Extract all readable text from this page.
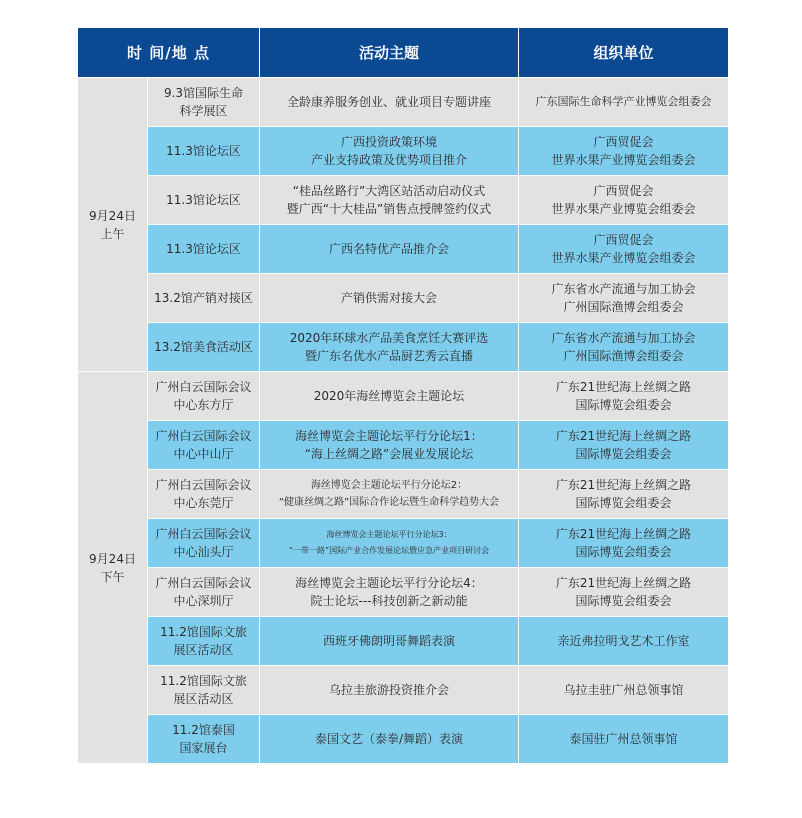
时 间/地 点		活动主题	组织单位

9月24日
上午	9.3馆国际生命
科学展区	全龄康养服务创业、就业项目专题讲座	广东国际生命科学产业博览会组委会

	11.3馆论坛区	广西投资政策环境
产业支持政策及优势项目推介	广西贸促会
世界水果产业博览会组委会

	11.3馆论坛区	“桂品丝路行”大湾区站活动启动仪式
暨广西“十大桂品”销售点授牌签约仪式	广西贸促会
世界水果产业博览会组委会

	11.3馆论坛区	广西名特优产品推介会	广西贸促会
世界水果产业博览会组委会

	13.2馆产销对接区	产销供需对接大会	广东省水产流通与加工协会
广州国际渔博会组委会

	13.2馆美食活动区	2020年环球水产品美食烹饪大赛评选
暨广东名优水产品厨艺秀云直播	广东省水产流通与加工协会
广州国际渔博会组委会

9月24日
下午	广州白云国际会议
中心东方厅	2020年海丝博览会主题论坛	广东21世纪海上丝绸之路
国际博览会组委会

	广州白云国际会议
中心中山厅	海丝博览会主题论坛平行分论坛1：
“海上丝绸之路”会展业发展论坛	广东21世纪海上丝绸之路
国际博览会组委会

	广州白云国际会议
中心东莞厅	海丝博览会主题论坛平行分论坛2：
“健康丝绸之路”国际合作论坛暨生命科学趋势大会	广东21世纪海上丝绸之路
国际博览会组委会

	广州白云国际会议
中心汕头厅	海丝博览会主题论坛平行分论坛3：
“一带一路”国际产业合作发展论坛暨应急产业项目研讨会	广东21世纪海上丝绸之路
国际博览会组委会

	广州白云国际会议
中心深圳厅	海丝博览会主题论坛平行分论坛4：
院士论坛---科技创新之新动能	广东21世纪海上丝绸之路
国际博览会组委会

	11.2馆国际文旅
展区活动区	西班牙佛朗明哥舞蹈表演	亲近弗拉明戈艺术工作室

	11.2馆国际文旅
展区活动区	乌拉圭旅游投资推介会	乌拉圭驻广州总领事馆

	11.2馆泰国
国家展台	泰国文艺（泰拳/舞蹈）表演	泰国驻广州总领事馆
